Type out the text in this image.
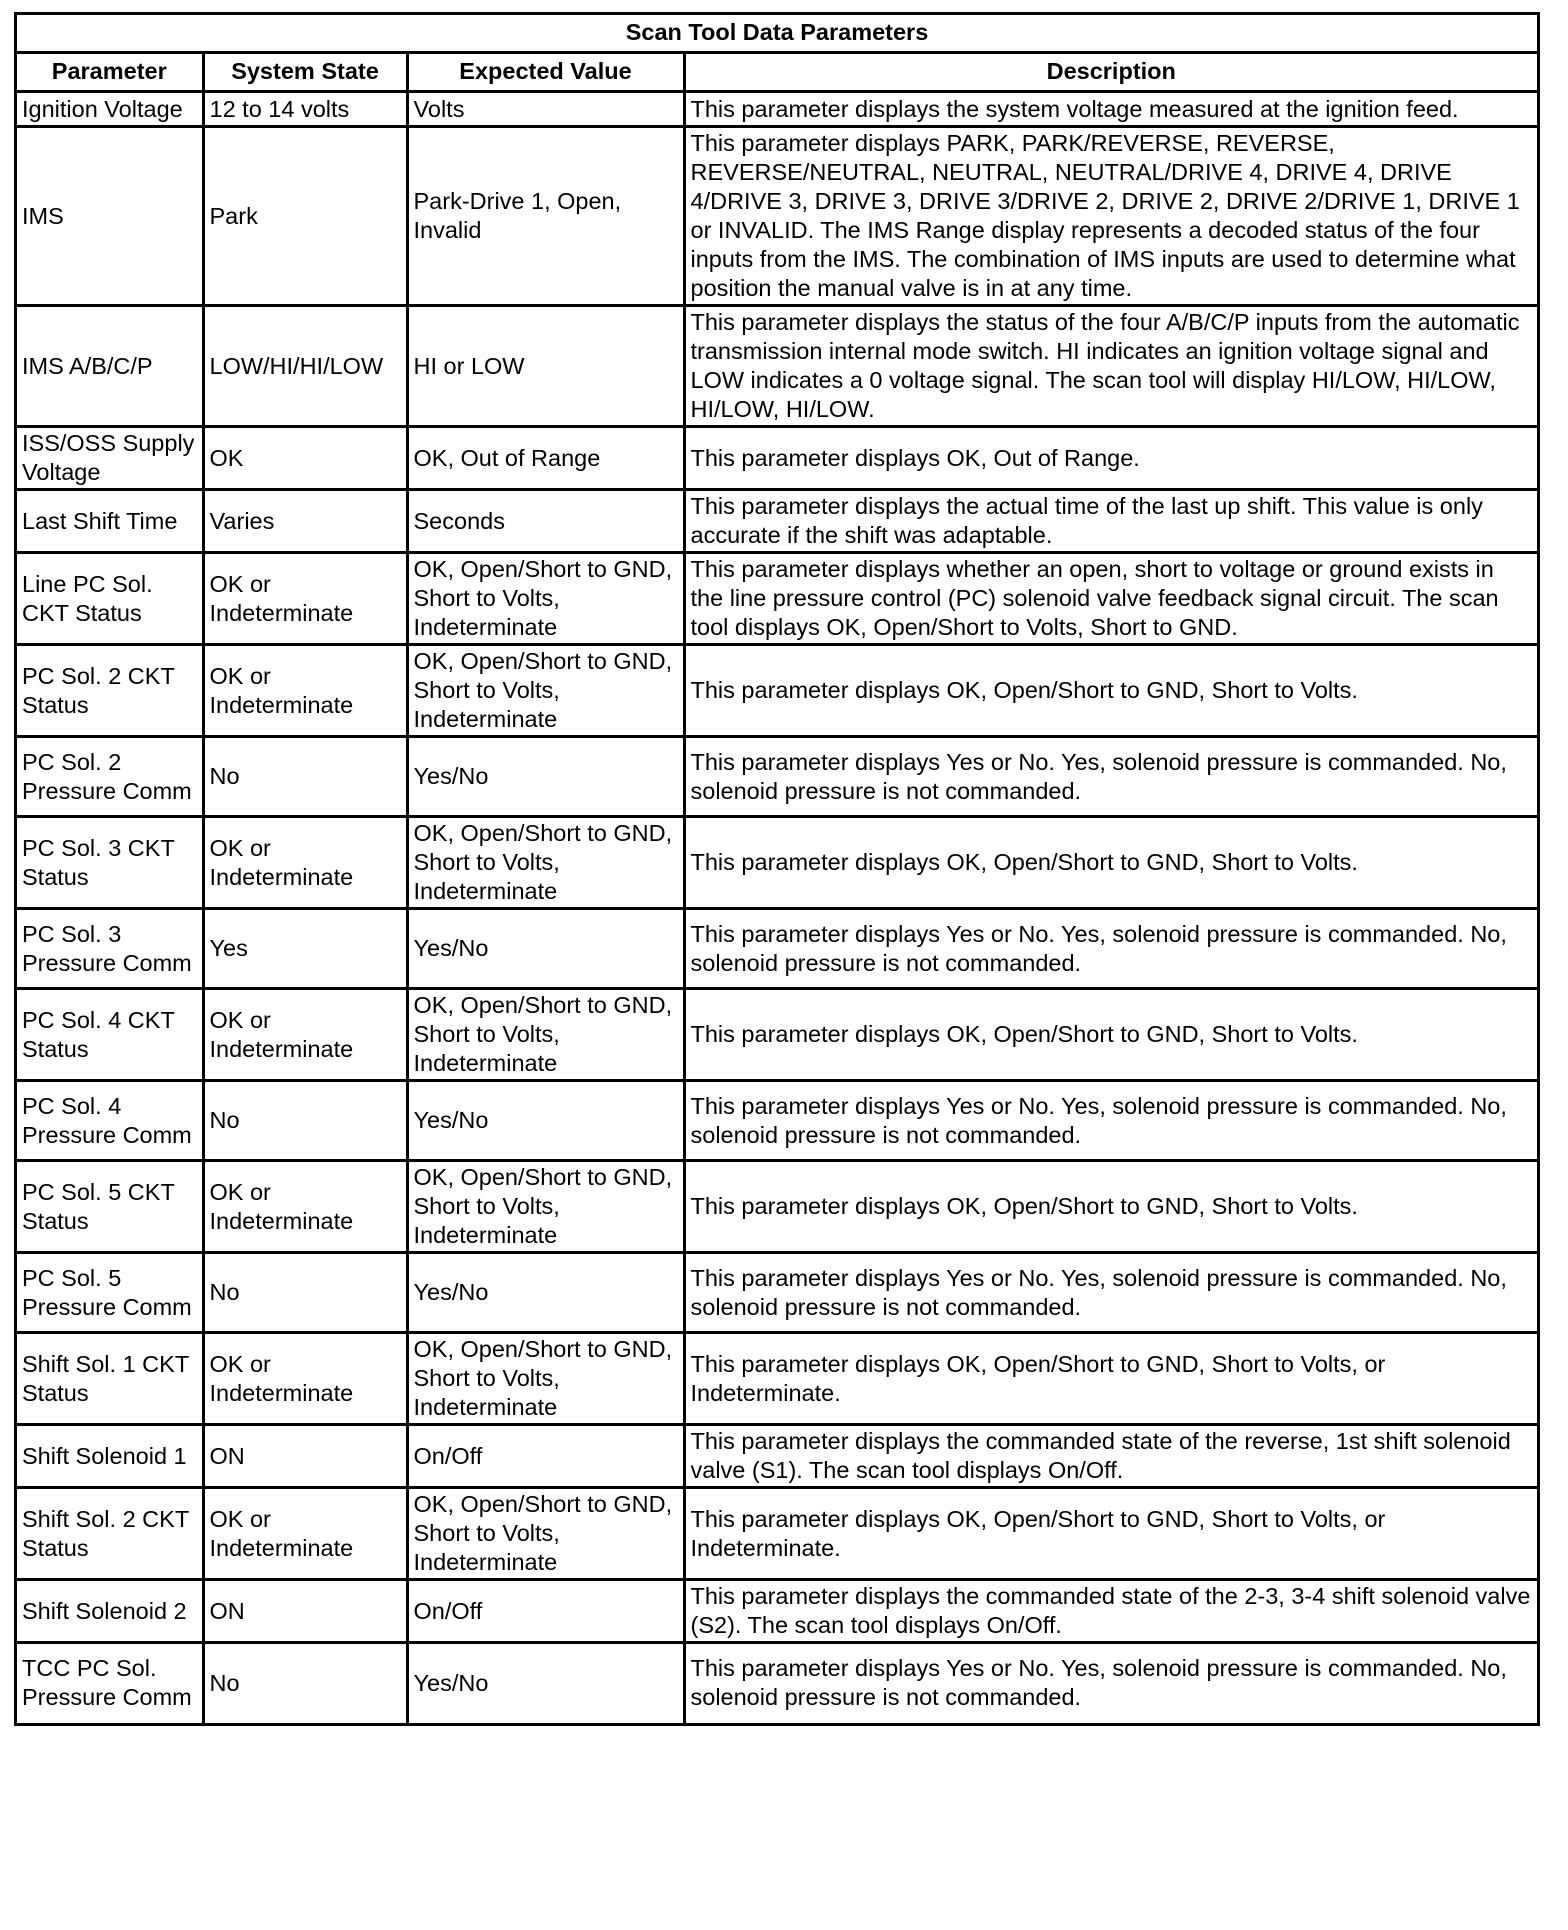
Scan Tool Data Parameters			
Parameter	System State	Expected Value	Description
Ignition Voltage	12 to 14 volts	Volts	This parameter displays the system voltage measured at the ignition feed.
IMS	Park	Park-Drive 1, Open, Invalid	This parameter displays PARK, PARK/REVERSE, REVERSE, REVERSE/NEUTRAL, NEUTRAL, NEUTRAL/DRIVE 4, DRIVE 4, DRIVE 4/DRIVE 3, DRIVE 3, DRIVE 3/DRIVE 2, DRIVE 2, DRIVE 2/DRIVE 1, DRIVE 1 or INVALID. The IMS Range display represents a decoded status of the four inputs from the IMS. The combination of IMS inputs are used to determine what position the manual valve is in at any time.
IMS A/B/C/P	LOW/HI/HI/LOW	HI or LOW	This parameter displays the status of the four A/B/C/P inputs from the automatic transmission internal mode switch. HI indicates an ignition voltage signal and LOW indicates a 0 voltage signal. The scan tool will display HI/LOW, HI/LOW, HI/LOW, HI/LOW.
ISS/OSS Supply Voltage	OK	OK, Out of Range	This parameter displays OK, Out of Range.
Last Shift Time	Varies	Seconds	This parameter displays the actual time of the last up shift. This value is only accurate if the shift was adaptable.
Line PC Sol. CKT Status	OK or Indeterminate	OK, Open/Short to GND, Short to Volts, Indeterminate	This parameter displays whether an open, short to voltage or ground exists in the line pressure control (PC) solenoid valve feedback signal circuit. The scan tool displays OK, Open/Short to Volts, Short to GND.
PC Sol. 2 CKT Status	OK or Indeterminate	OK, Open/Short to GND, Short to Volts, Indeterminate	This parameter displays OK, Open/Short to GND, Short to Volts.
PC Sol. 2 Pressure Comm	No	Yes/No	This parameter displays Yes or No. Yes, solenoid pressure is commanded. No, solenoid pressure is not commanded.
PC Sol. 3 CKT Status	OK or Indeterminate	OK, Open/Short to GND, Short to Volts, Indeterminate	This parameter displays OK, Open/Short to GND, Short to Volts.
PC Sol. 3 Pressure Comm	Yes	Yes/No	This parameter displays Yes or No. Yes, solenoid pressure is commanded. No, solenoid pressure is not commanded.
PC Sol. 4 CKT Status	OK or Indeterminate	OK, Open/Short to GND, Short to Volts, Indeterminate	This parameter displays OK, Open/Short to GND, Short to Volts.
PC Sol. 4 Pressure Comm	No	Yes/No	This parameter displays Yes or No. Yes, solenoid pressure is commanded. No, solenoid pressure is not commanded.
PC Sol. 5 CKT Status	OK or Indeterminate	OK, Open/Short to GND, Short to Volts, Indeterminate	This parameter displays OK, Open/Short to GND, Short to Volts.
PC Sol. 5 Pressure Comm	No	Yes/No	This parameter displays Yes or No. Yes, solenoid pressure is commanded. No, solenoid pressure is not commanded.
Shift Sol. 1 CKT Status	OK or Indeterminate	OK, Open/Short to GND, Short to Volts, Indeterminate	This parameter displays OK, Open/Short to GND, Short to Volts, or Indeterminate.
Shift Solenoid 1	ON	On/Off	This parameter displays the commanded state of the reverse, 1st shift solenoid valve (S1). The scan tool displays On/Off.
Shift Sol. 2 CKT Status	OK or Indeterminate	OK, Open/Short to GND, Short to Volts, Indeterminate	This parameter displays OK, Open/Short to GND, Short to Volts, or Indeterminate.
Shift Solenoid 2	ON	On/Off	This parameter displays the commanded state of the 2-3, 3-4 shift solenoid valve (S2). The scan tool displays On/Off.
TCC PC Sol. Pressure Comm	No	Yes/No	This parameter displays Yes or No. Yes, solenoid pressure is commanded. No, solenoid pressure is not commanded.
